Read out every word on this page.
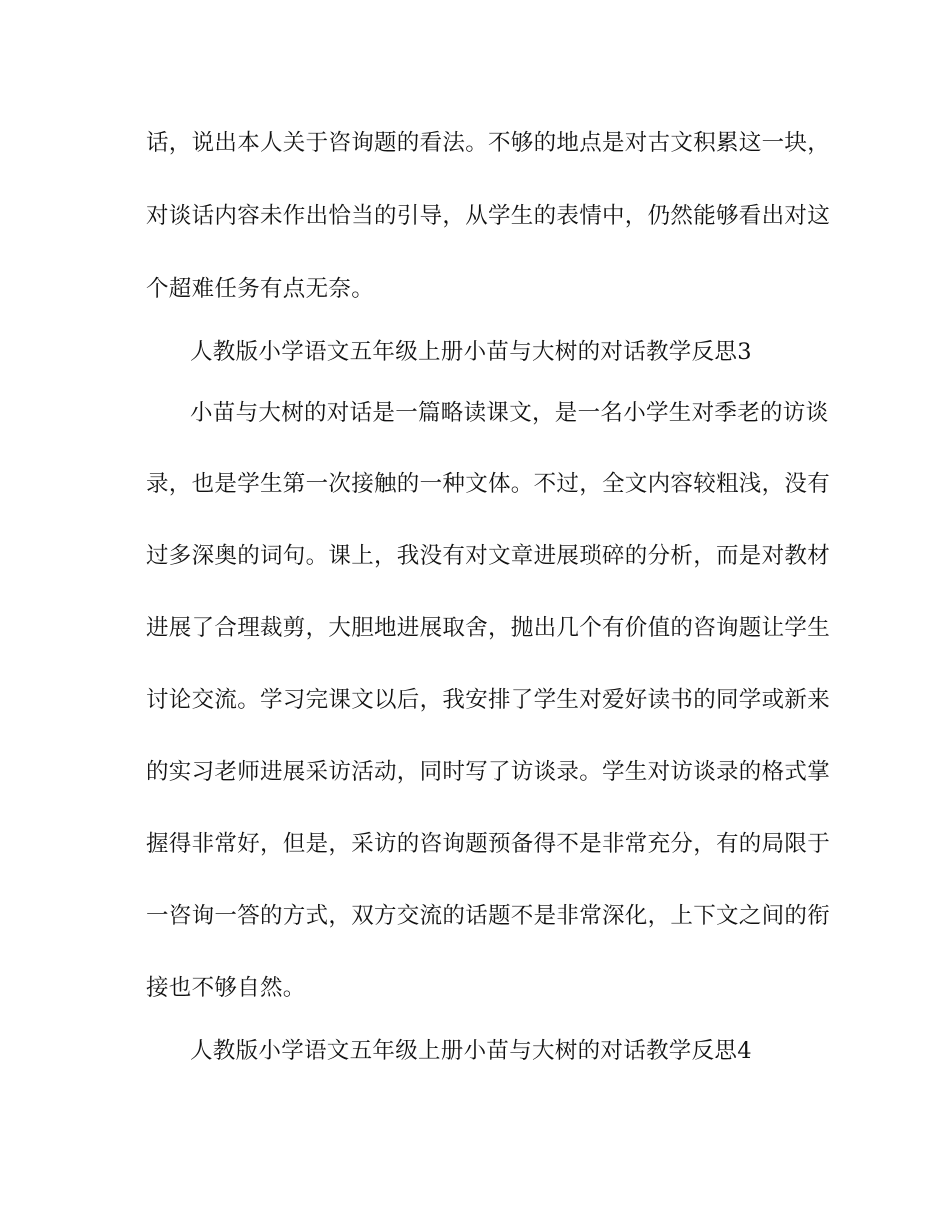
话，说出本人关于咨询题的看法。不够的地点是对古文积累这一块，
对谈话内容未作出恰当的引导，从学生的表情中，仍然能够看出对这
个超难任务有点无奈。
人教版小学语文五年级上册小苗与大树的对话教学反思3
小苗与大树的对话是一篇略读课文，是一名小学生对季老的访谈
录，也是学生第一次接触的一种文体。不过，全文内容较粗浅，没有
过多深奥的词句。课上，我没有对文章进展琐碎的分析，而是对教材
进展了合理裁剪，大胆地进展取舍，抛出几个有价值的咨询题让学生
讨论交流。学习完课文以后，我安排了学生对爱好读书的同学或新来
的实习老师进展采访活动，同时写了访谈录。学生对访谈录的格式掌
握得非常好，但是，采访的咨询题预备得不是非常充分，有的局限于
一咨询一答的方式，双方交流的话题不是非常深化，上下文之间的衔
接也不够自然。
人教版小学语文五年级上册小苗与大树的对话教学反思4
